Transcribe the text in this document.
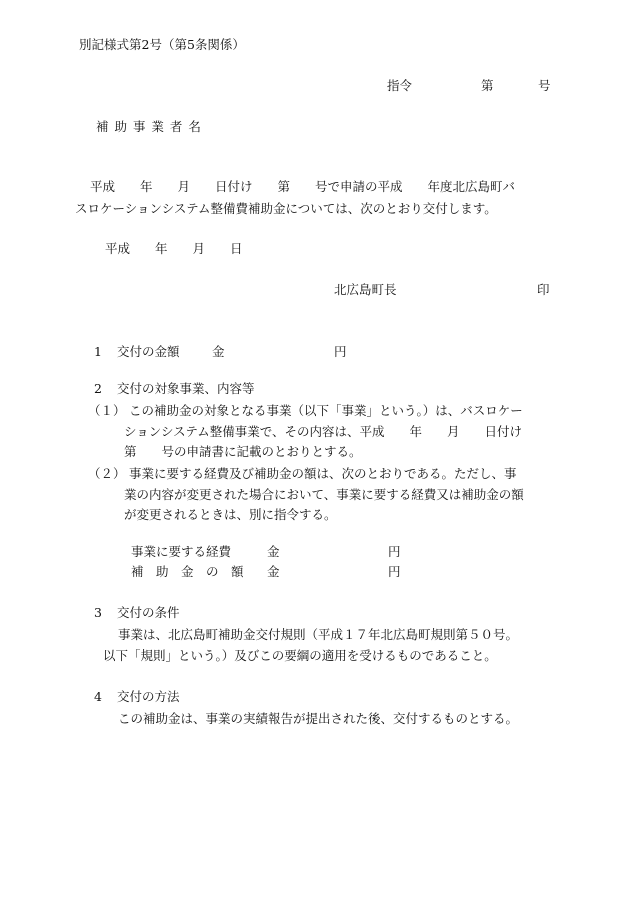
別記様式第2号（第5条関係）
指令	第	号
補 助 事 業 者 名
平成　　年　　月　　日付け　　第　　号で申請の平成　　年度北広島町バ
スロケーションシステム整備費補助金については、次のとおり交付します。
平成　　年　　月　　日
北広島町長	印
1 交付の金額	金	円
2 交付の対象事業、内容等
（１） この補助金の対象となる事業（以下「事業」という。）は、バスロケー
ションシステム整備事業で、その内容は、平成　　年　　月　　日付け
第　　号の申請書に記載のとおりとする。
（２） 事業に要する経費及び補助金の額は、次のとおりである。ただし、事
業の内容が変更された場合において、事業に要する経費又は補助金の額
が変更されるときは、別に指令する。
事業に要する経費	金	円
補　助　金　の　額 金	円
3 交付の条件
事業は、北広島町補助金交付規則（平成１７年北広島町規則第５０号。
以下「規則」という。）及びこの要綱の適用を受けるものであること。
4 交付の方法
この補助金は、事業の実績報告が提出された後、交付するものとする。
